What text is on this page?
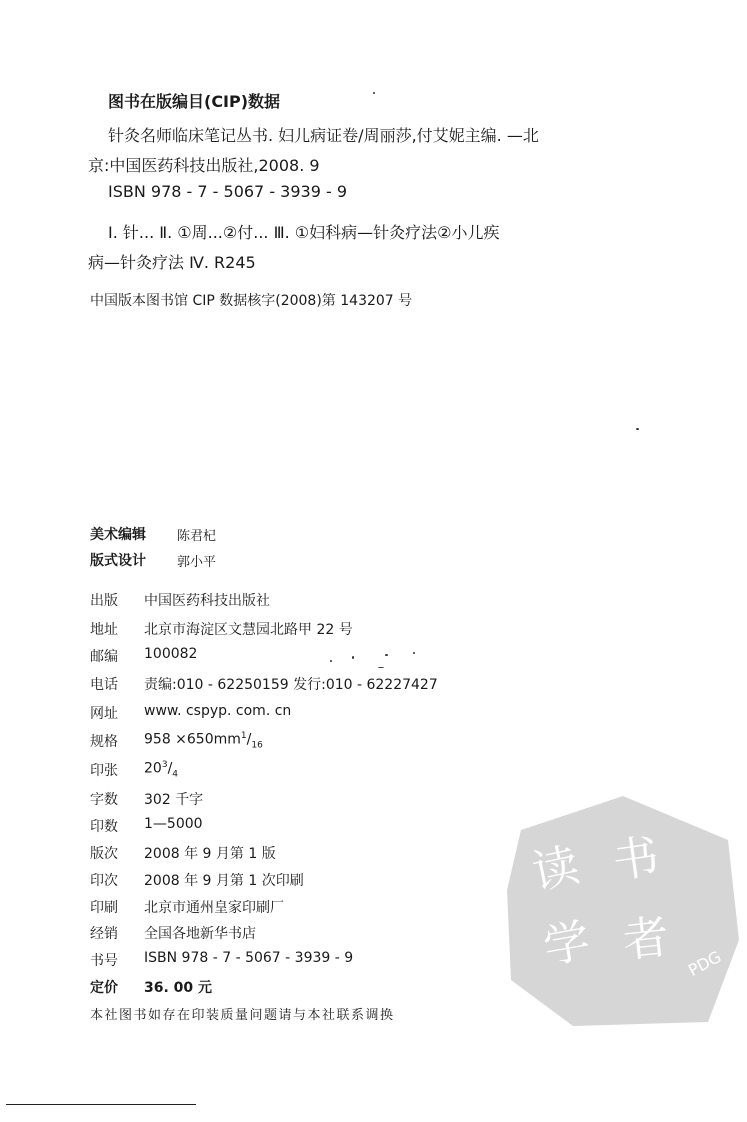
图书在版编目(CIP)数据
针灸名师临床笔记丛书. 妇儿病证卷/周丽莎,付艾妮主编. —北
京:中国医药科技出版社,2008. 9
ISBN 978 - 7 - 5067 - 3939 - 9
Ⅰ. 针... Ⅱ. ①周...②付... Ⅲ. ①妇科病—针灸疗法②小儿疾
病—针灸疗法 Ⅳ. R245
中国版本图书馆 CIP 数据核字(2008)第 143207 号
美术编辑 陈君杞
版式设计 郭小平
出版 中国医药科技出版社
地址 北京市海淀区文慧园北路甲 22 号
邮编 100082
电话 责编:010 - 62250159 发行:010 - 62227427
网址 www. cspyp. com. cn
规格 $958 \times 650mm^1/_{16}$
印张 $20^3/_4$
字数 302 千字
印数 1—5000
版次 2008 年 9 月第 1 版
印次 2008 年 9 月第 1 次印刷
印刷 北京市通州皇家印刷厂
经销 全国各地新华书店
书号 ISBN 978 - 7 - 5067 - 3939 - 9
定价 36. 00 元
本社图书如存在印装质量问题请与本社联系调换
读 书
学 者 PDG
